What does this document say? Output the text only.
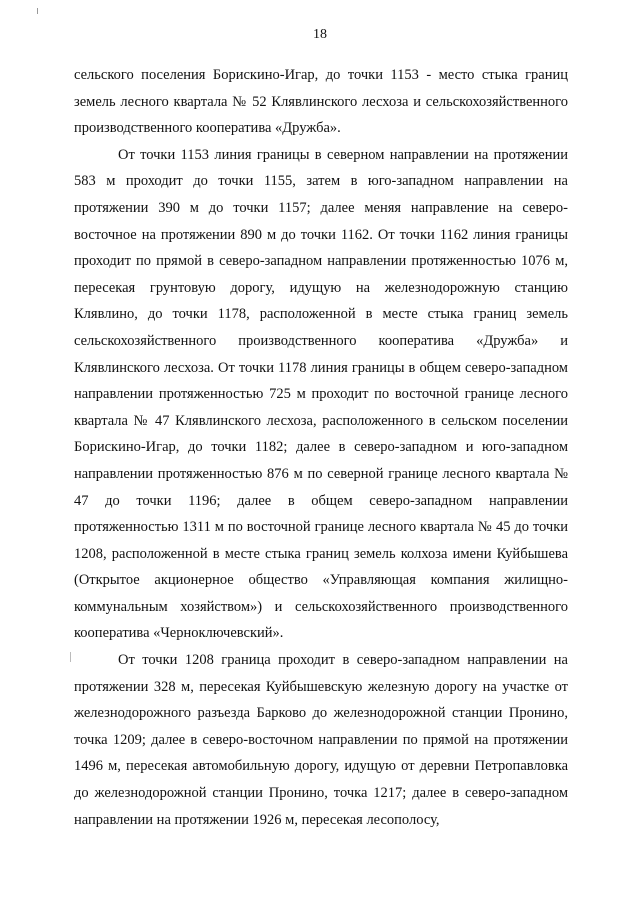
18

сельского поселения Борискино-Игар, до точки 1153 - место стыка границ земель лесного квартала № 52 Клявлинского лесхоза и сельскохозяйственного производственного кооператива «Дружба».

От точки 1153 линия границы в северном направлении на протяжении 583 м проходит до точки 1155, затем в юго-западном направлении на протяжении 390 м до точки 1157; далее меняя направление на северо-восточное на протяжении 890 м до точки 1162. От точки 1162 линия границы проходит по прямой в северо-западном направлении протяженностью 1076 м, пересекая грунтовую дорогу, идущую на железнодорожную станцию Клявлино, до точки 1178, расположенной в месте стыка границ земель сельскохозяйственного производственного кооператива «Дружба» и Клявлинского лесхоза. От точки 1178 линия границы в общем северо-западном направлении протяженностью 725 м проходит по восточной границе лесного квартала № 47 Клявлинского лесхоза, расположенного в сельском поселении Борискино-Игар, до точки 1182; далее в северо-западном и юго-западном направлении протяженностью 876 м по северной границе лесного квартала № 47 до точки 1196; далее в общем северо-западном направлении протяженностью 1311 м по восточной границе лесного квартала № 45 до точки 1208, расположенной в месте стыка границ земель колхоза имени Куйбышева (Открытое акционерное общество «Управляющая компания жилищно-коммунальным хозяйством») и сельскохозяйственного производственного кооператива «Черноключевский».

От точки 1208 граница проходит в северо-западном направлении на протяжении 328 м, пересекая Куйбышевскую железную дорогу на участке от железнодорожного разъезда Барково до железнодорожной станции Пронино, точка 1209; далее в северо-восточном направлении по прямой на протяжении 1496 м, пересекая автомобильную дорогу, идущую от деревни Петропавловка до железнодорожной станции Пронино, точка 1217; далее в северо-западном направлении на протяжении 1926 м, пересекая лесополосу,
